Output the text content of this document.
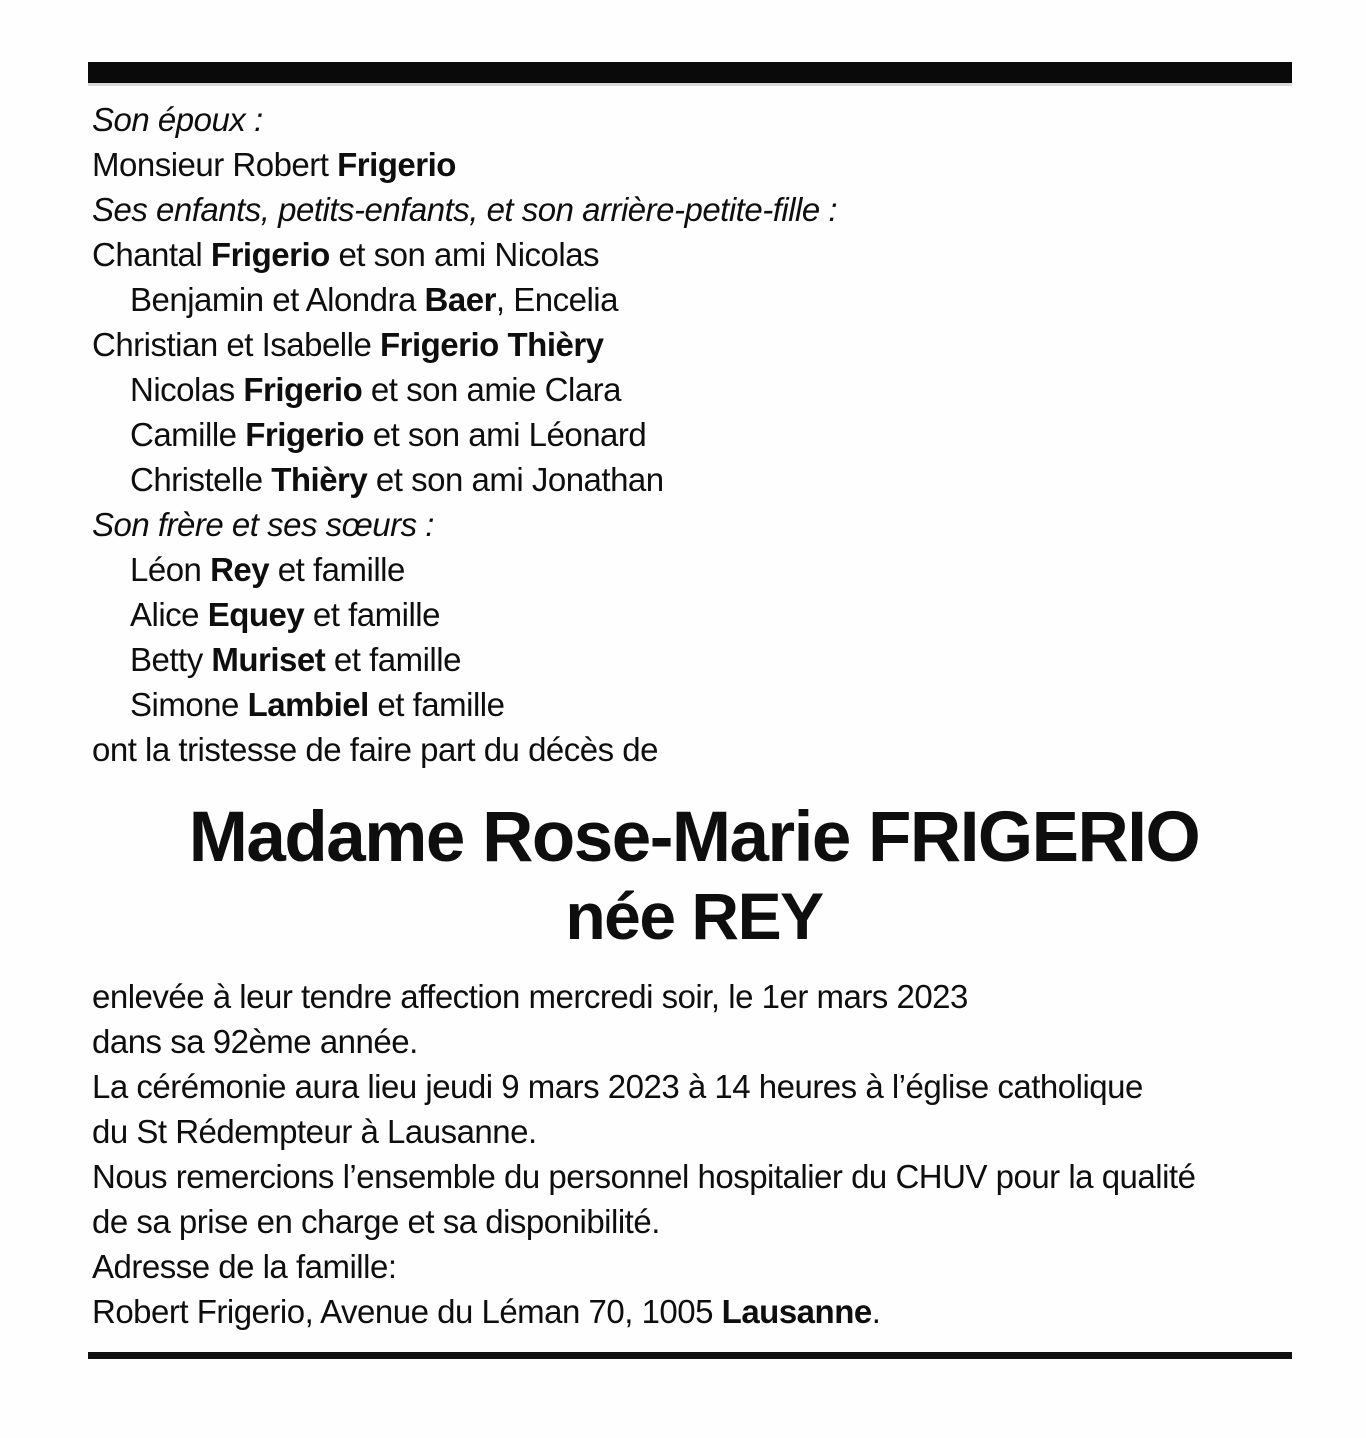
Son époux :
Monsieur Robert Frigerio
Ses enfants, petits-enfants, et son arrière-petite-fille :
Chantal Frigerio et son ami Nicolas
Benjamin et Alondra Baer, Encelia
Christian et Isabelle Frigerio Thièry
Nicolas Frigerio et son amie Clara
Camille Frigerio et son ami Léonard
Christelle Thièry et son ami Jonathan
Son frère et ses sœurs :
Léon Rey et famille
Alice Equey et famille
Betty Muriset et famille
Simone Lambiel et famille
ont la tristesse de faire part du décès de
Madame Rose-Marie FRIGERIO
née REY
enlevée à leur tendre affection mercredi soir, le 1er mars 2023
dans sa 92ème année.
La cérémonie aura lieu jeudi 9 mars 2023 à 14 heures à l’église catholique
du St Rédempteur à Lausanne.
Nous remercions l’ensemble du personnel hospitalier du CHUV pour la qualité
de sa prise en charge et sa disponibilité.
Adresse de la famille:
Robert Frigerio, Avenue du Léman 70, 1005 Lausanne.
